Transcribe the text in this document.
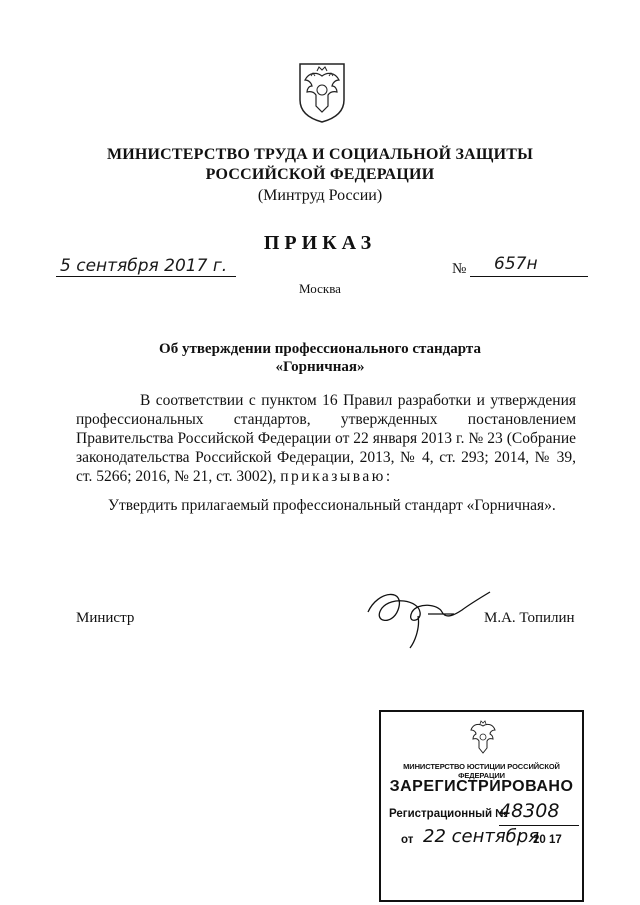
МИНИСТЕРСТВО ТРУДА И СОЦИАЛЬНОЙ ЗАЩИТЫ
РОССИЙСКОЙ ФЕДЕРАЦИИ
(Минтруд России)
ПРИКАЗ
5 сентября 2017 г.	№ 657н
Москва
Об утверждении профессионального стандарта
«Горничная»
В соответствии с пунктом 16 Правил разработки и утверждения профессиональных стандартов, утвержденных постановлением Правительства Российской Федерации от 22 января 2013 г. № 23 (Собрание законодательства Российской Федерации, 2013, № 4, ст. 293; 2014, № 39, ст. 5266; 2016, № 21, ст. 3002), приказываю:
Утвердить прилагаемый профессиональный стандарт «Горничная».
Министр	М.А. Топилин
МИНИСТЕРСТВО ЮСТИЦИИ РОССИЙСКОЙ ФЕДЕРАЦИИ
ЗАРЕГИСТРИРОВАНО
Регистрационный №
48308
от 22 сентября
20 17
